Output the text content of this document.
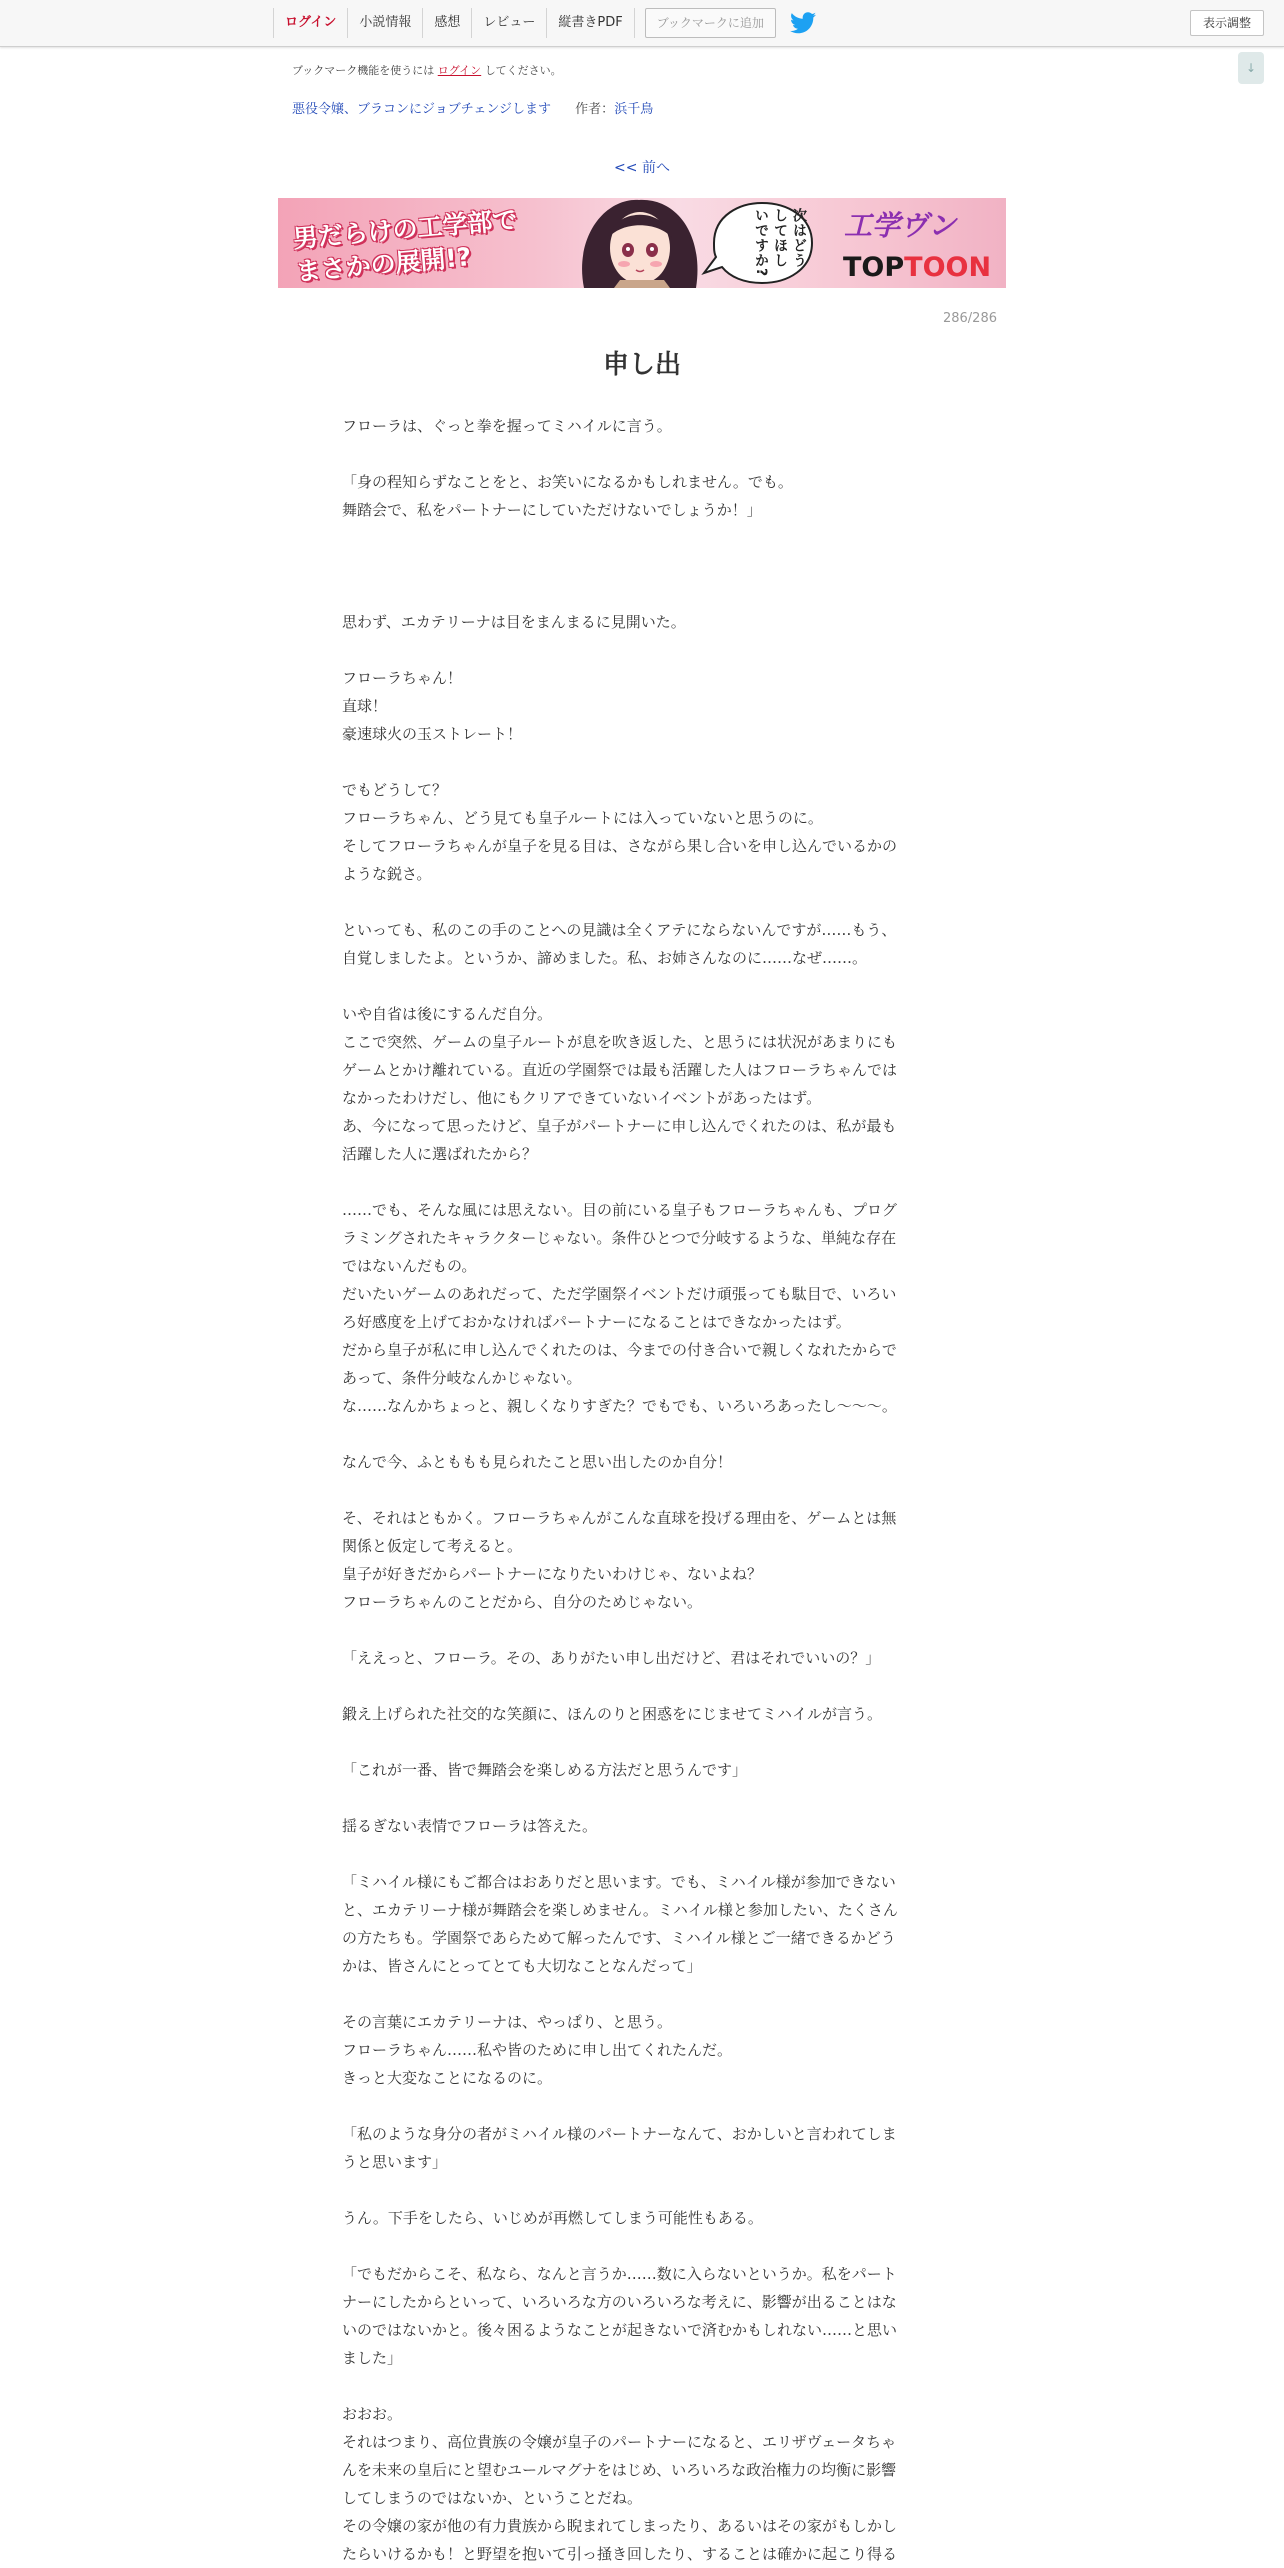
ログイン	小説情報	感想	レビュー	縦書きPDF	ブックマークに追加	表示調整
↓
ブックマーク機能を使うには ログイン してください。
悪役令嬢、ブラコンにジョブチェンジします 作者：浜千鳥
<< 前へ
男だらけの工学部で
まさかの展開!?	次はどうしてほしいですか?	工学ヴン
TOPTOON
286/286
申し出
フローラは、ぐっと拳を握ってミハイルに言う。
「身の程知らずなことをと、お笑いになるかもしれません。でも。
舞踏会で、私をパートナーにしていただけないでしょうか！」
思わず、エカテリーナは目をまんまるに見開いた。
フローラちゃん！
直球！
豪速球火の玉ストレート！
でもどうして？
フローラちゃん、どう見ても皇子ルートには入っていないと思うのに。
そしてフローラちゃんが皇子を見る目は、さながら果し合いを申し込んでいるかの
ような鋭さ。
といっても、私のこの手のことへの見識は全くアテにならないんですが……もう、
自覚しましたよ。というか、諦めました。私、お姉さんなのに……なぜ……。
いや自省は後にするんだ自分。
ここで突然、ゲームの皇子ルートが息を吹き返した、と思うには状況があまりにも
ゲームとかけ離れている。直近の学園祭では最も活躍した人はフローラちゃんでは
なかったわけだし、他にもクリアできていないイベントがあったはず。
あ、今になって思ったけど、皇子がパートナーに申し込んでくれたのは、私が最も
活躍した人に選ばれたから？
……でも、そんな風には思えない。目の前にいる皇子もフローラちゃんも、プログ
ラミングされたキャラクターじゃない。条件ひとつで分岐するような、単純な存在
ではないんだもの。
だいたいゲームのあれだって、ただ学園祭イベントだけ頑張っても駄目で、いろい
ろ好感度を上げておかなければパートナーになることはできなかったはず。
だから皇子が私に申し込んでくれたのは、今までの付き合いで親しくなれたからで
あって、条件分岐なんかじゃない。
な……なんかちょっと、親しくなりすぎた？でもでも、いろいろあったし〜〜〜。
なんで今、ふとももも見られたこと思い出したのか自分！
そ、それはともかく。フローラちゃんがこんな直球を投げる理由を、ゲームとは無
関係と仮定して考えると。
皇子が好きだからパートナーになりたいわけじゃ、ないよね？
フローラちゃんのことだから、自分のためじゃない。
「ええっと、フローラ。その、ありがたい申し出だけど、君はそれでいいの？」
鍛え上げられた社交的な笑顔に、ほんのりと困惑をにじませてミハイルが言う。
「これが一番、皆で舞踏会を楽しめる方法だと思うんです」
揺るぎない表情でフローラは答えた。
「ミハイル様にもご都合はおありだと思います。でも、ミハイル様が参加できない
と、エカテリーナ様が舞踏会を楽しめません。ミハイル様と参加したい、たくさん
の方たちも。学園祭であらためて解ったんです、ミハイル様とご一緒できるかどう
かは、皆さんにとってとても大切なことなんだって」
その言葉にエカテリーナは、やっぱり、と思う。
フローラちゃん……私や皆のために申し出てくれたんだ。
きっと大変なことになるのに。
「私のような身分の者がミハイル様のパートナーなんて、おかしいと言われてしま
うと思います」
うん。下手をしたら、いじめが再燃してしまう可能性もある。
「でもだからこそ、私なら、なんと言うか……数に入らないというか。私をパート
ナーにしたからといって、いろいろな方のいろいろな考えに、影響が出ることはな
いのではないかと。後々困るようなことが起きないで済むかもしれない……と思い
ました」
おおお。
それはつまり、高位貴族の令嬢が皇子のパートナーになると、エリザヴェータちゃ
んを未来の皇后にと望むユールマグナをはじめ、いろいろな政治権力の均衡に影響
してしまうのではないか、ということだね。
その令嬢の家が他の有力貴族から睨まれてしまったり、あるいはその家がもしかし
たらいけるかも！と野望を抱いて引っ掻き回したり、することは確かに起こり得る
